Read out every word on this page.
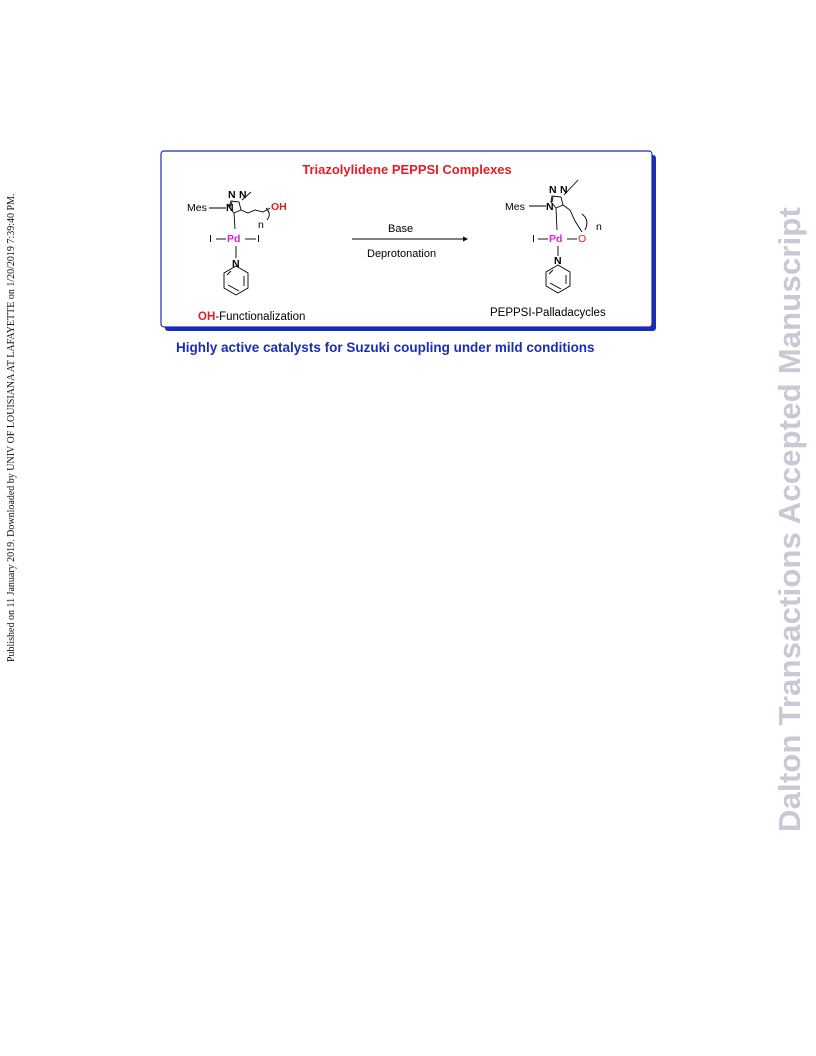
Published on 11 January 2019. Downloaded by UNIV OF LOUISIANA AT LAFAYETTE on 1/20/2019 7:39:40 PM.	Dalton Transactions Accepted Manuscript
Triazolylidene PEPPSI Complexes
N N
Mes N	OH
n
I Pd I
N
Base
Deprotonation
N N
Mes N
n
I Pd O
N
OH-Functionalization	PEPPSI-Palladacycles
Highly active catalysts for Suzuki coupling under mild conditions
